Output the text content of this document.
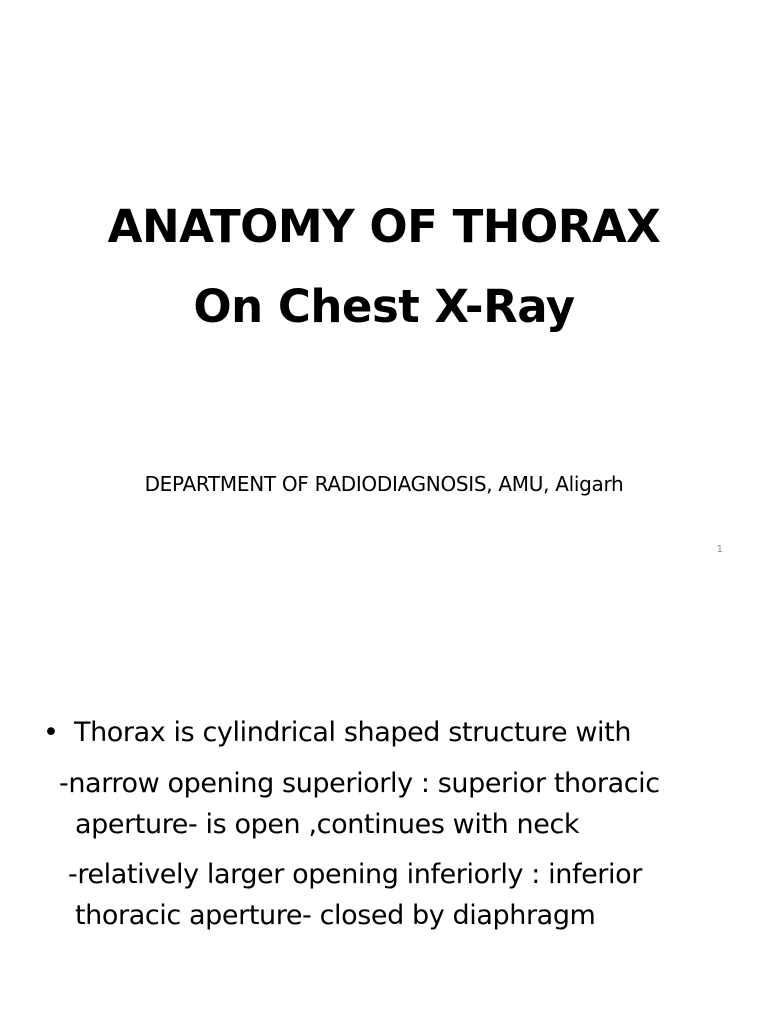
ANATOMY OF THORAX
On Chest X-Ray
DEPARTMENT OF RADIODIAGNOSIS, AMU, Aligarh
1
• Thorax is cylindrical shaped structure with
-narrow opening superiorly : superior thoracic
aperture- is open ,continues with neck
-relatively larger opening inferiorly : inferior
thoracic aperture- closed by diaphragm
